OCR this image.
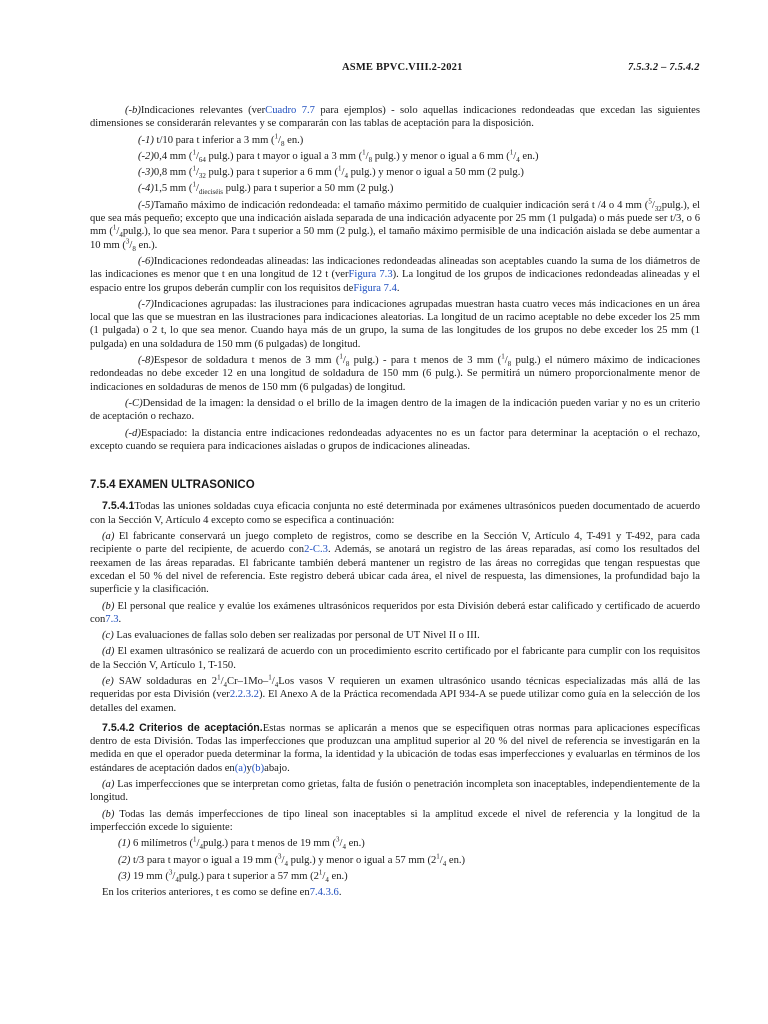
ASME BPVC.VIII.2-2021	7.5.3.2 – 7.5.4.2

(-b)Indicaciones relevantes (verCuadro 7.7 para ejemplos) - solo aquellas indicaciones redondeadas que excedan las siguientes dimensiones se considerarán relevantes y se compararán con las tablas de aceptación para la disposición.

(-1) t/10 para t inferior a 3 mm ($^1/_8$ en.)

(-2)0,4 mm ($^1/_{64}$ pulg.) para t mayor o igual a 3 mm ($^1/_8$ pulg.) y menor o igual a 6 mm ($^1/_4$ en.)

(-3)0,8 mm ($^1/_{32}$ pulg.) para t superior a 6 mm ($^1/_4$ pulg.) y menor o igual a 50 mm (2 pulg.)

(-4)1,5 mm ($^1/_{dieciséis}$ pulg.) para t superior a 50 mm (2 pulg.)

(-5)Tamaño máximo de indicación redondeada: el tamaño máximo permitido de cualquier indicación será t /4 o 4 mm $(^5/_{32}pulg.)$, el que sea más pequeño; excepto que una indicación aislada separada de una indicación adyacente por 25 mm (1 pulgada) o más puede ser t/3, o 6 mm $(^1/_4pulg.)$, lo que sea menor. Para t superior a 50 mm (2 pulg.), el tamaño máximo permisible de una indicación aislada se debe aumentar a 10 mm ($^3/_8$ en.).

(-6)Indicaciones redondeadas alineadas: las indicaciones redondeadas alineadas son aceptables cuando la suma de los diámetros de las indicaciones es menor que t en una longitud de 12 t (verFigura 7.3). La longitud de los grupos de indicaciones redondeadas alineadas y el espacio entre los grupos deberán cumplir con los requisitos deFigura 7.4.

(-7)Indicaciones agrupadas: las ilustraciones para indicaciones agrupadas muestran hasta cuatro veces más indicaciones en un área local que las que se muestran en las ilustraciones para indicaciones aleatorias. La longitud de un racimo aceptable no debe exceder los 25 mm (1 pulgada) o 2 t, lo que sea menor. Cuando haya más de un grupo, la suma de las longitudes de los grupos no debe exceder los 25 mm (1 pulgada) en una soldadura de 150 mm (6 pulgadas) de longitud.

(-8)Espesor de soldadura t menos de 3 mm ($^1/_8$ pulg.) - para t menos de 3 mm ($^1/_8$ pulg.) el número máximo de indicaciones redondeadas no debe exceder 12 en una longitud de soldadura de 150 mm (6 pulg.). Se permitirá un número proporcionalmente menor de indicaciones en soldaduras de menos de 150 mm (6 pulgadas) de longitud.

(-C)Densidad de la imagen: la densidad o el brillo de la imagen dentro de la imagen de la indicación pueden variar y no es un criterio de aceptación o rechazo.

(-d)Espaciado: la distancia entre indicaciones redondeadas adyacentes no es un factor para determinar la aceptación o el rechazo, excepto cuando se requiera para indicaciones aisladas o grupos de indicaciones alineadas.

7.5.4 EXAMEN ULTRASONICO

7.5.4.1Todas las uniones soldadas cuya eficacia conjunta no esté determinada por exámenes ultrasónicos pueden documentado de acuerdo con la Sección V, Artículo 4 excepto como se especifica a continuación:

(a) El fabricante conservará un juego completo de registros, como se describe en la Sección V, Artículo 4, T-491 y T-492, para cada recipiente o parte del recipiente, de acuerdo con2-C.3. Además, se anotará un registro de las áreas reparadas, así como los resultados del reexamen de las áreas reparadas. El fabricante también deberá mantener un registro de las áreas no corregidas que tengan respuestas que excedan el 50 % del nivel de referencia. Este registro deberá ubicar cada área, el nivel de respuesta, las dimensiones, la profundidad bajo la superficie y la clasificación.

(b) El personal que realice y evalúe los exámenes ultrasónicos requeridos por esta División deberá estar calificado y certificado de acuerdo con7.3.

(c) Las evaluaciones de fallas solo deben ser realizadas por personal de UT Nivel II o III.

(d) El examen ultrasónico se realizará de acuerdo con un procedimiento escrito certificado por el fabricante para cumplir con los requisitos de la Sección V, Artículo 1, T-150.

(e) SAW soldaduras en $2^1/_4Cr-1Mo-^1/_4Los$ vasos V requieren un examen ultrasónico usando técnicas especializadas más allá de las requeridas por esta División (ver2.2.3.2). El Anexo A de la Práctica recomendada API 934-A se puede utilizar como guía en la selección de los detalles del examen.

7.5.4.2 Criterios de aceptación.Estas normas se aplicarán a menos que se especifiquen otras normas para aplicaciones específicas dentro de esta División. Todas las imperfecciones que produzcan una amplitud superior al 20 % del nivel de referencia se investigarán en la medida en que el operador pueda determinar la forma, la identidad y la ubicación de todas esas imperfecciones y evaluarlas en términos de los estándares de aceptación dados en(a)y(b)abajo.

(a) Las imperfecciones que se interpretan como grietas, falta de fusión o penetración incompleta son inaceptables, independientemente de la longitud.

(b) Todas las demás imperfecciones de tipo lineal son inaceptables si la amplitud excede el nivel de referencia y la longitud de la imperfección excede lo siguiente:

(1) 6 milímetros $(^1/_4pulg.)$ para t menos de 19 mm ($^3/_4$ en.)

(2) t/3 para t mayor o igual a 19 mm ($^3/_4$ pulg.) y menor o igual a 57 mm ($2^1/_4$ en.)

(3) 19 mm $(^3/_4pulg.)$ para t superior a 57 mm ($2^1/_4$ en.)

En los criterios anteriores, t es como se define en7.4.3.6.
